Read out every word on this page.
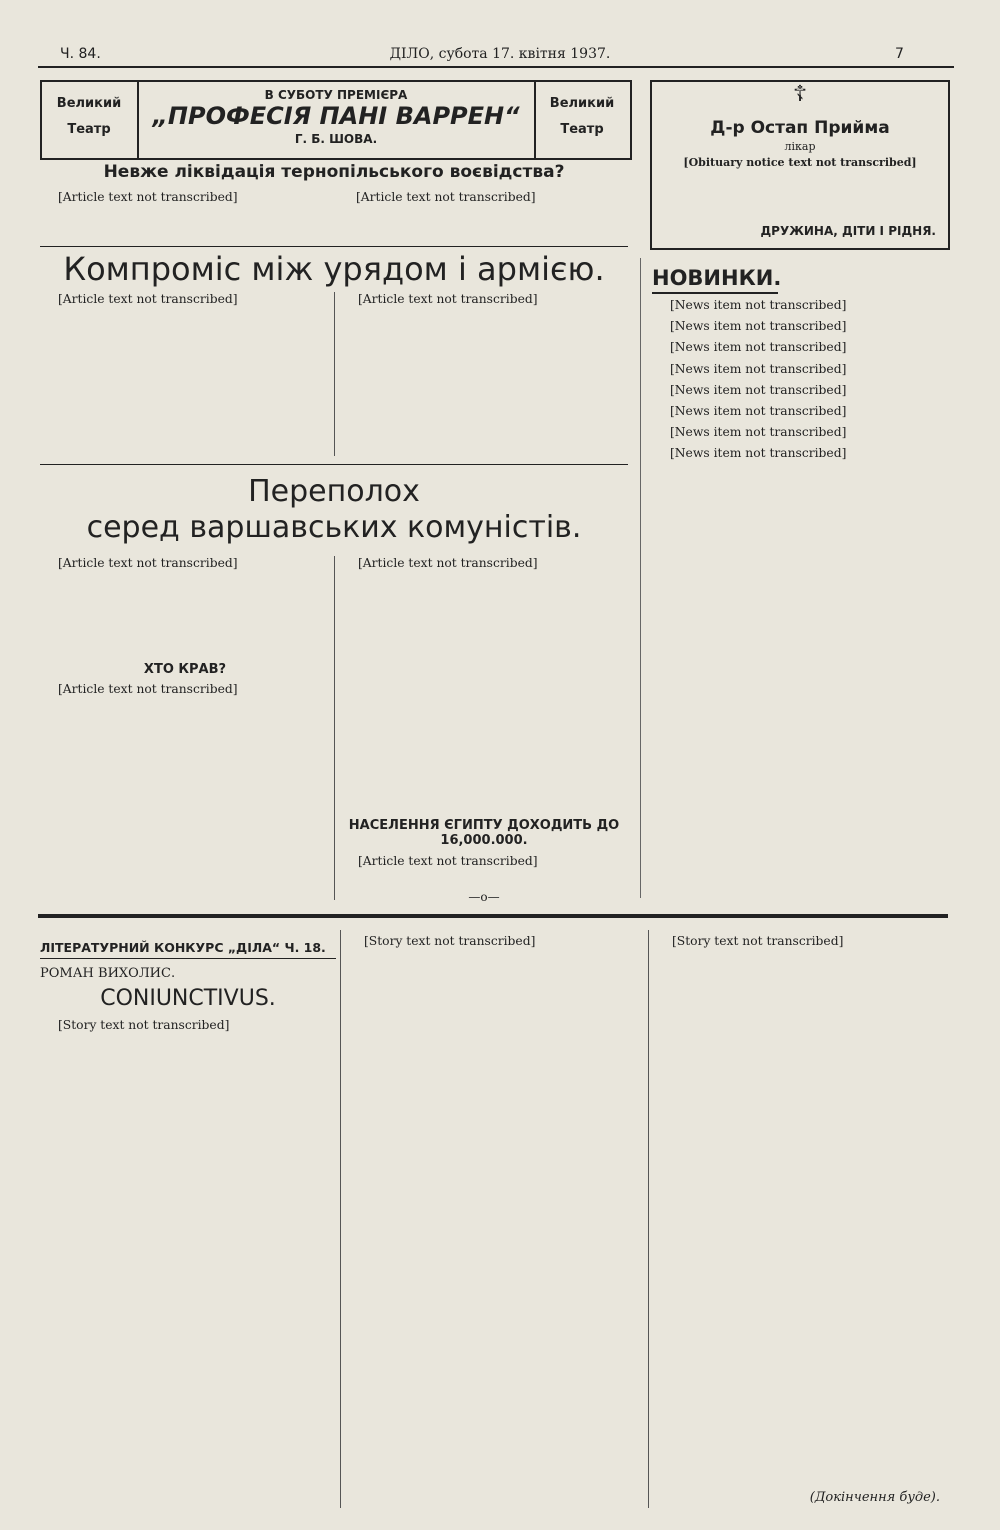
Ч. 84.	ДІЛО, субота 17. квітня 1937.	7
Великий
Театр
В СУБОТУ ПРЕМІЄРА
„ПРОФЕСІЯ ПАНІ ВАРРЕН“
Г. Б. ШОВА.
Великий
Театр
☦
Д-р Остап Прийма
лікар
[Obituary notice text not transcribed]
ДРУЖИНА, ДІТИ І РІДНЯ.
Невже ліквідація тернопільського воєвідства?

[Article text not transcribed]	[Article text not transcribed]

Компроміс між урядом і армією.

[Article text not transcribed]	[Article text not transcribed]

НОВИНКИ.

[News item not transcribed]

[News item not transcribed]

[News item not transcribed]

[News item not transcribed]

[News item not transcribed]

[News item not transcribed]

[News item not transcribed]

[News item not transcribed]

Переполох
серед варшавських комуністів.

[Article text not transcribed]

ХТО КРАВ?

[Article text not transcribed]

[Article text not transcribed]

НАСЕЛЕННЯ ЄГИПТУ ДОХОДИТЬ ДО 16,000.000.

[Article text not transcribed]

—о—
ЛІТЕРАТУРНИЙ КОНКУРС „ДІЛА“ Ч. 18.
РОМАН ВИХОЛИС.
CONIUNCTIVUS.

[Story text not transcribed]

[Story text not transcribed]	[Story text not transcribed]

(Докінчення буде).
